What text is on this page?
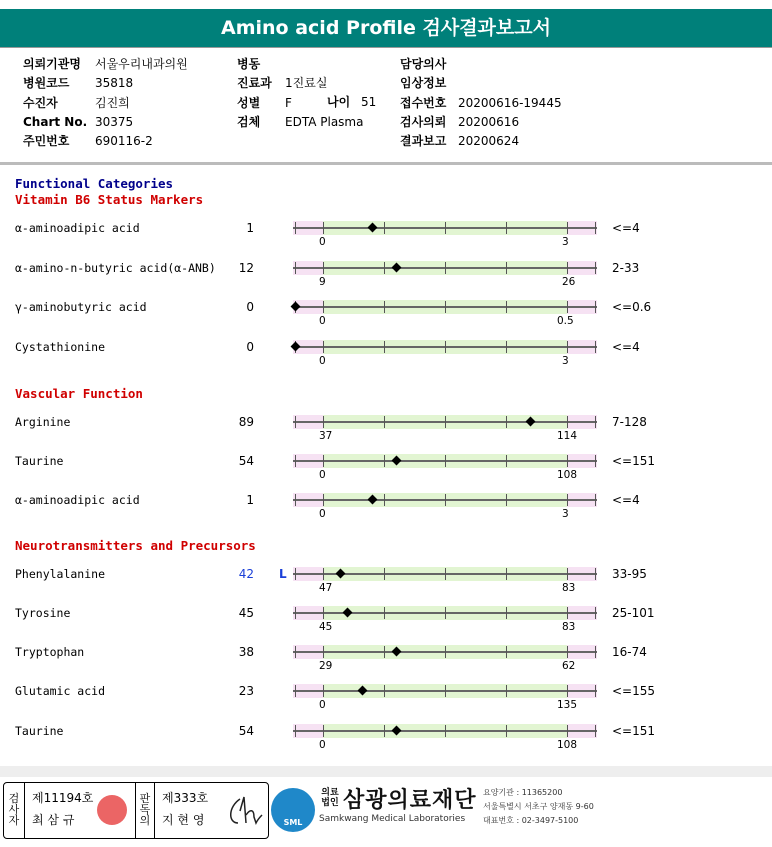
Amino acid Profile 검사결과보고서
의뢰기관명 서울우리내과의원
병원코드 35818
수진자	김진희
Chart No. 30375
주민번호 690116-2
병동
진료과 1진료실
성별 F
검체 EDTA Plasma
담당의사
임상정보
접수번호 20200616-19445
검사의뢰 20200616
결과보고 20200624
나이 51
Functional Categories
Vitamin B6 Status Markers
Vascular Function
Neurotransmitters and Precursors
α-aminoadipic acid	1	<=4
0	3
α-amino-n-butyric acid(α-ANB)	12	2-33
9	26
γ-aminobutyric acid	0	<=0.6
0	0.5
Cystathionine	0	<=4
0	3
Arginine	89	7-128
37	114
Taurine	54	<=151
0	108
α-aminoadipic acid	1	<=4
0	3
Phenylalanine	42 L	33-95
47	83
Tyrosine	45	25-101
45	83
Tryptophan	38	16-74
29	62
Glutamic acid	23	<=155
0	135
Taurine	54	<=151
0	108
검사자
제11194호
최 삼 규
판독의
제333호
지 현 영	SML
의료법인 삼광의료재단
Samkwang Medical Laboratories
요양기관 : 11365200
서울특별시 서초구 양재동 9-60
대표번호 : 02-3497-5100
